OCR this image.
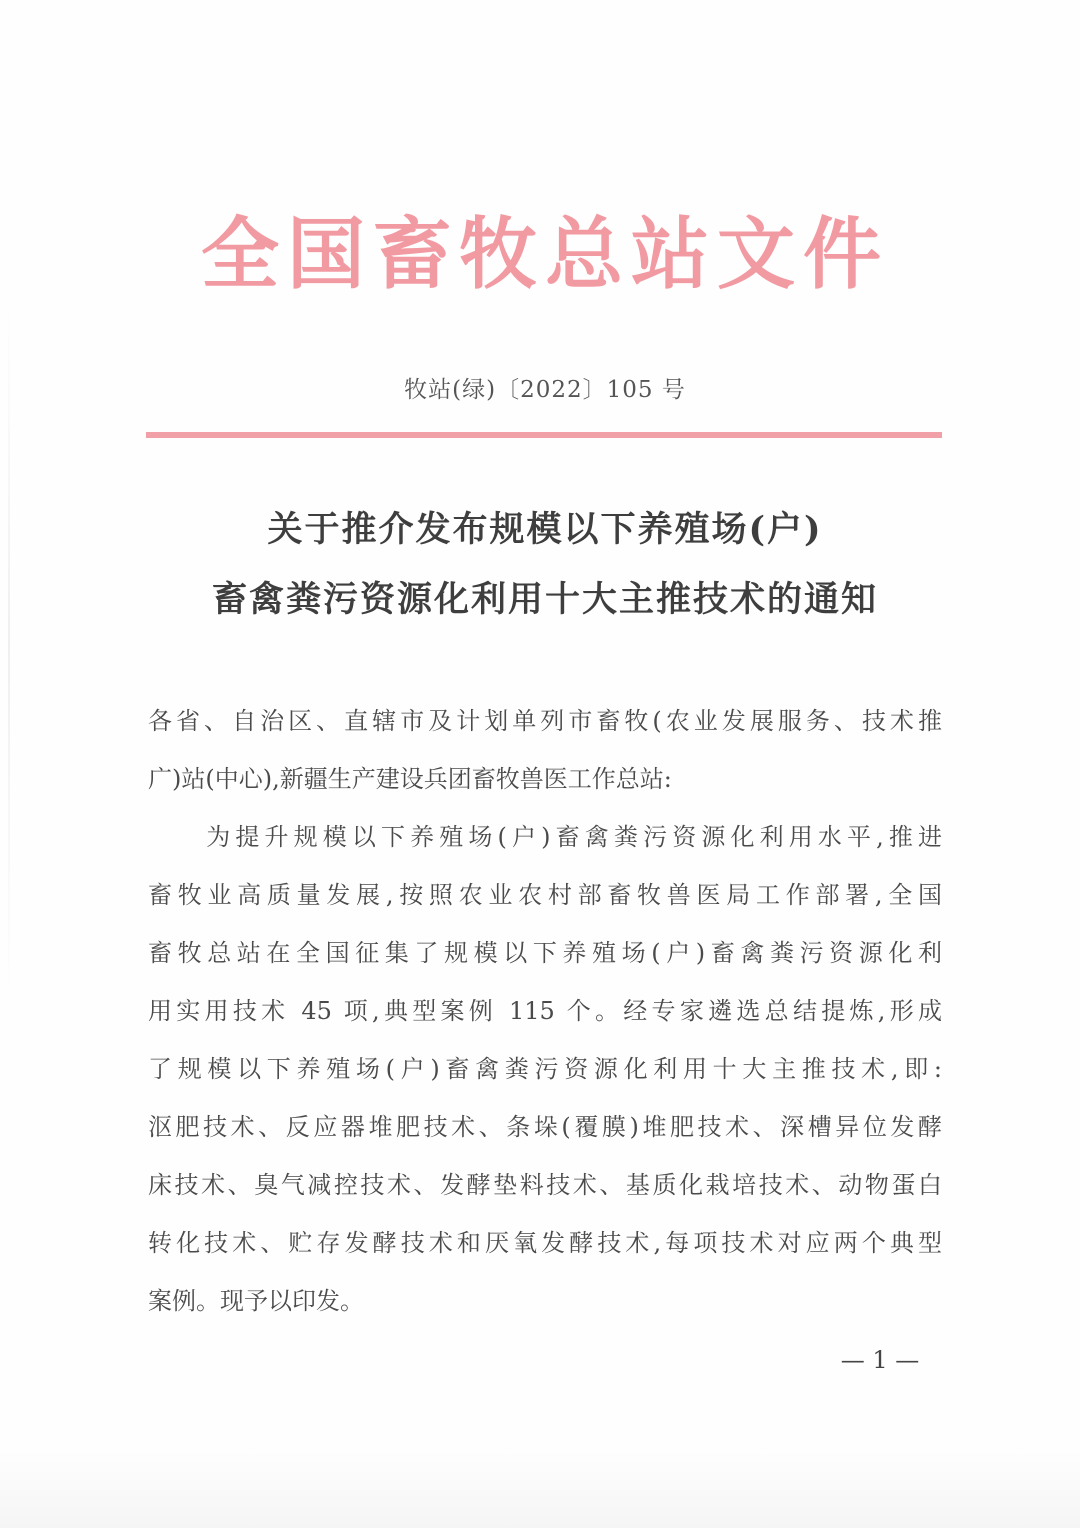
全国畜牧总站文件
牧站(绿)〔2022〕105 号
关于推介发布规模以下养殖场(户)
畜禽粪污资源化利用十大主推技术的通知
各省、自治区、直辖市及计划单列市畜牧(农业发展服务、技术推
广)站(中心),新疆生产建设兵团畜牧兽医工作总站:
　　为提升规模以下养殖场(户)畜禽粪污资源化利用水平,推进
畜牧业高质量发展,按照农业农村部畜牧兽医局工作部署,全国
畜牧总站在全国征集了规模以下养殖场(户)畜禽粪污资源化利
用实用技术 45 项,典型案例 115 个。经专家遴选总结提炼,形成
了规模以下养殖场(户)畜禽粪污资源化利用十大主推技术,即:
沤肥技术、反应器堆肥技术、条垛(覆膜)堆肥技术、深槽异位发酵
床技术、臭气减控技术、发酵垫料技术、基质化栽培技术、动物蛋白
转化技术、贮存发酵技术和厌氧发酵技术,每项技术对应两个典型
案例。现予以印发。
— 1 —
